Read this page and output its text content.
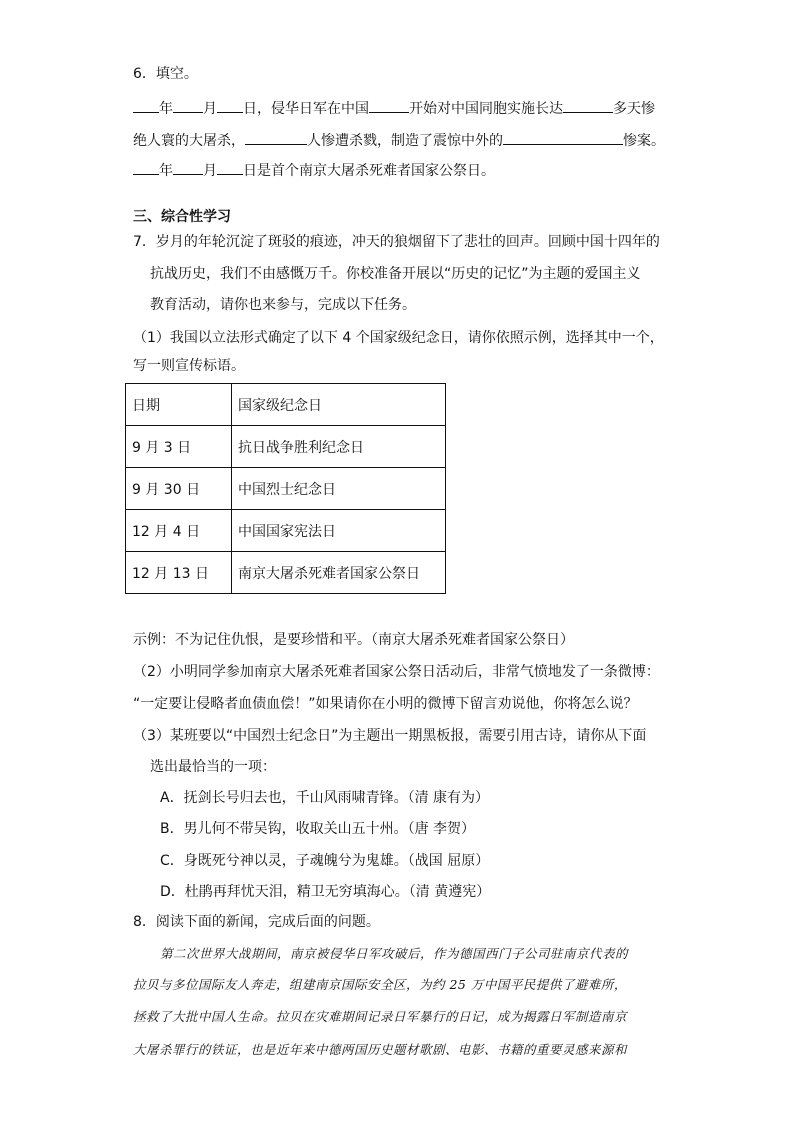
6．填空。
年 月 日，侵华日军在中国	开始对中国同胞实施长达	多天惨
绝人寰的大屠杀，	人惨遭杀戮，制造了震惊中外的	惨案。
年 月 日是首个南京大屠杀死难者国家公祭日。
三、综合性学习
7．岁月的年轮沉淀了斑驳的痕迹，冲天的狼烟留下了悲壮的回声。回顾中国十四年的
抗战历史，我们不由感慨万千。你校准备开展以“历史的记忆”为主题的爱国主义
教育活动，请你也来参与，完成以下任务。
（1）我国以立法形式确定了以下 4 个国家级纪念日，请你依照示例，选择其中一个，
写一则宣传标语。
日期	国家级纪念日
9 月 3 日	抗日战争胜利纪念日
9 月 30 日	中国烈士纪念日
12 月 4 日	中国国家宪法日
12 月 13 日	南京大屠杀死难者国家公祭日
示例：不为记住仇恨，是要珍惜和平。（南京大屠杀死难者国家公祭日）
（2）小明同学参加南京大屠杀死难者国家公祭日活动后，非常气愤地发了一条微博：
“一定要让侵略者血债血偿！”如果请你在小明的微博下留言劝说他，你将怎么说？
（3）某班要以“中国烈士纪念日”为主题出一期黑板报，需要引用古诗，请你从下面
选出最恰当的一项：
A．抚剑长号归去也，千山风雨啸青锋。（清 康有为）
B．男儿何不带吴钩，收取关山五十州。（唐 李贺）
C．身既死兮神以灵，子魂魄兮为鬼雄。（战国 屈原）
D．杜鹃再拜忧天泪，精卫无穷填海心。（清 黄遵宪）
8．阅读下面的新闻，完成后面的问题。
第二次世界大战期间，南京被侵华日军攻破后，作为德国西门子公司驻南京代表的
拉贝与多位国际友人奔走，组建南京国际安全区，为约 25 万中国平民提供了避难所，
拯救了大批中国人生命。拉贝在灾难期间记录日军暴行的日记，成为揭露日军制造南京
大屠杀罪行的铁证，也是近年来中德两国历史题材歌剧、电影、书籍的重要灵感来源和
